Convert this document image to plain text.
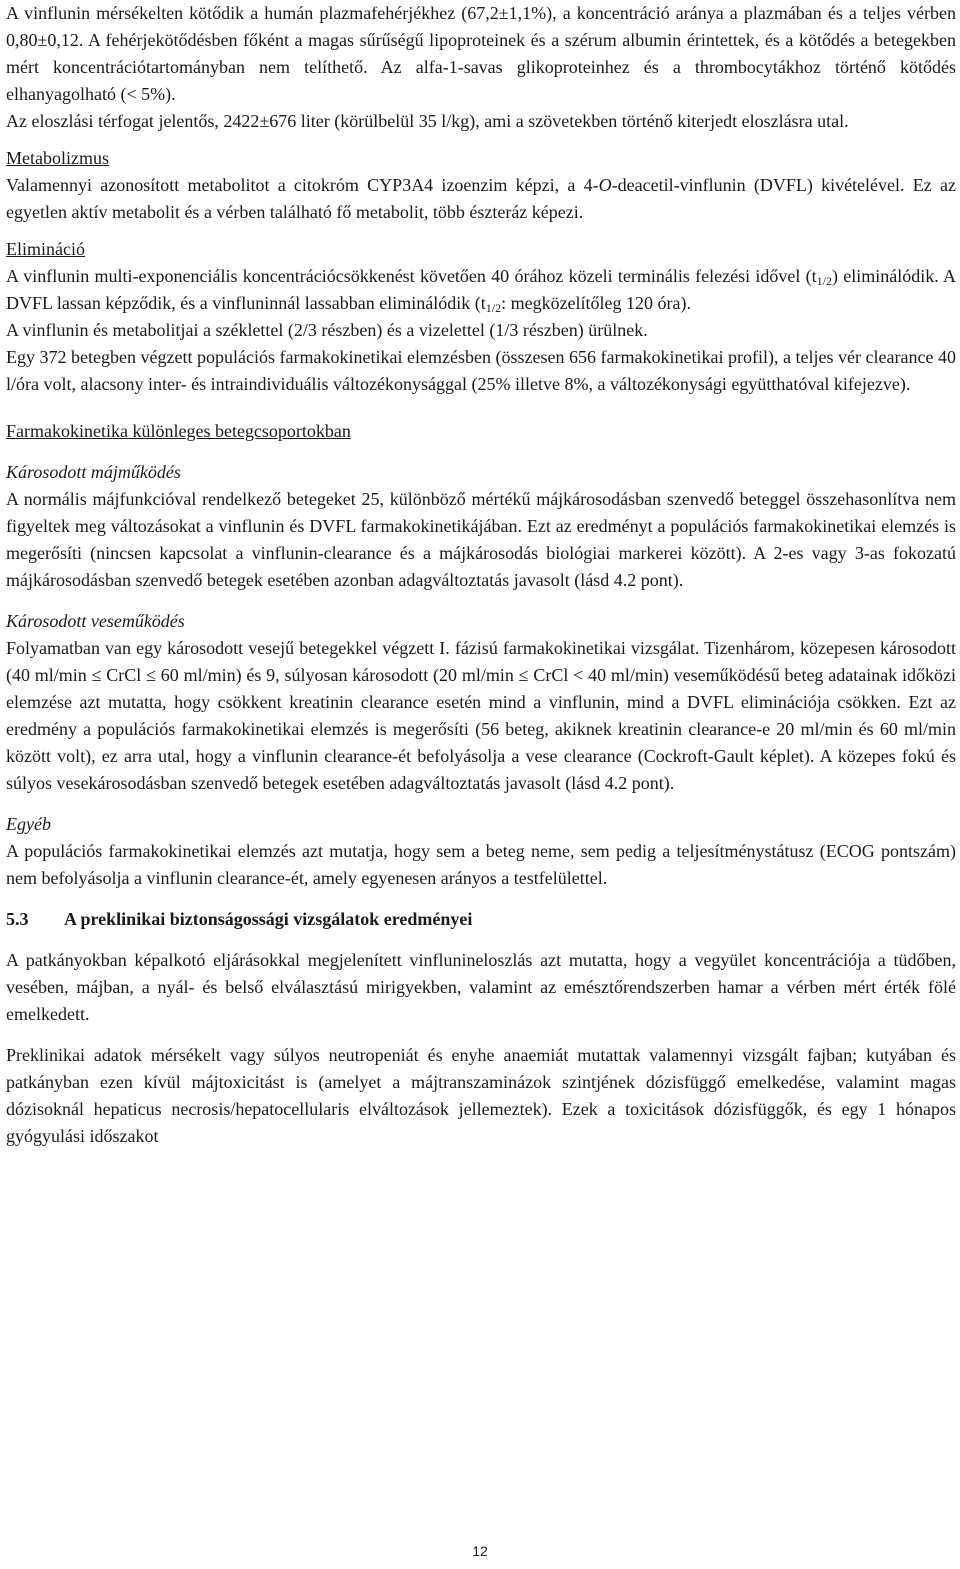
A vinflunin mérsékelten kötődik a humán plazmafehérjékhez (67,2±1,1%), a koncentráció aránya a plazmában és a teljes vérben 0,80±0,12. A fehérjekötődésben főként a magas sűrűségű lipoproteinek és a szérum albumin érintettek, és a kötődés a betegekben mért koncentrációtartományban nem telíthető. Az alfa-1-savas glikoproteinhez és a thrombocytákhoz történő kötődés elhanyagolható (< 5%).

Az eloszlási térfogat jelentős, 2422±676 liter (körülbelül 35 l/kg), ami a szövetekben történő kiterjedt eloszlásra utal.

Metabolizmus

Valamennyi azonosított metabolitot a citokróm CYP3A4 izoenzim képzi, a 4-O-deacetil-vinflunin (DVFL) kivételével. Ez az egyetlen aktív metabolit és a vérben található fő metabolit, több észteráz képezi.

Elimináció

A vinflunin multi-exponenciális koncentrációcsökkenést követően 40 órához közeli terminális felezési idővel $(t_{1/2})$ eliminálódik. A DVFL lassan képződik, és a vinfluninnál lassabban eliminálódik ($t_{1/2}$: megközelítőleg 120 óra).

A vinflunin és metabolitjai a széklettel (2/3 részben) és a vizelettel (1/3 részben) ürülnek.

Egy 372 betegben végzett populációs farmakokinetikai elemzésben (összesen 656 farmakokinetikai profil), a teljes vér clearance 40 l/óra volt, alacsony inter- és intraindividuális változékonysággal (25% illetve 8%, a változékonysági együtthatóval kifejezve).

Farmakokinetika különleges betegcsoportokban

Károsodott májműködés

A normális májfunkcióval rendelkező betegeket 25, különböző mértékű májkárosodásban szenvedő beteggel összehasonlítva nem figyeltek meg változásokat a vinflunin és DVFL farmakokinetikájában. Ezt az eredményt a populációs farmakokinetikai elemzés is megerősíti (nincsen kapcsolat a vinflunin-clearance és a májkárosodás biológiai markerei között). A 2-es vagy 3-as fokozatú májkárosodásban szenvedő betegek esetében azonban adagváltoztatás javasolt (lásd 4.2 pont).

Károsodott veseműködés

Folyamatban van egy károsodott vesejű betegekkel végzett I. fázisú farmakokinetikai vizsgálat. Tizenhárom, közepesen károsodott (40 ml/min ≤ CrCl ≤ 60 ml/min) és 9, súlyosan károsodott (20 ml/min ≤ CrCl < 40 ml/min) veseműködésű beteg adatainak időközi elemzése azt mutatta, hogy csökkent kreatinin clearance esetén mind a vinflunin, mind a DVFL eliminációja csökken. Ezt az eredmény a populációs farmakokinetikai elemzés is megerősíti (56 beteg, akiknek kreatinin clearance-e 20 ml/min és 60 ml/min között volt), ez arra utal, hogy a vinflunin clearance-ét befolyásolja a vese clearance (Cockroft-Gault képlet). A közepes fokú és súlyos vesekárosodásban szenvedő betegek esetében adagváltoztatás javasolt (lásd 4.2 pont).

Egyéb

A populációs farmakokinetikai elemzés azt mutatja, hogy sem a beteg neme, sem pedig a teljesítménystátusz (ECOG pontszám) nem befolyásolja a vinflunin clearance-ét, amely egyenesen arányos a testfelülettel.

5.3 A preklinikai biztonságossági vizsgálatok eredményei

A patkányokban képalkotó eljárásokkal megjelenített vinflunineloszlás azt mutatta, hogy a vegyület koncentrációja a tüdőben, vesében, májban, a nyál- és belső elválasztású mirigyekben, valamint az emésztőrendszerben hamar a vérben mért érték fölé emelkedett.

Preklinikai adatok mérsékelt vagy súlyos neutropeniát és enyhe anaemiát mutattak valamennyi vizsgált fajban; kutyában és patkányban ezen kívül májtoxicitást is (amelyet a májtranszaminázok szintjének dózisfüggő emelkedése, valamint magas dózisoknál hepaticus necrosis/hepatocellularis elváltozások jellemeztek). Ezek a toxicitások dózisfüggők, és egy 1 hónapos gyógyulási időszakot

12
